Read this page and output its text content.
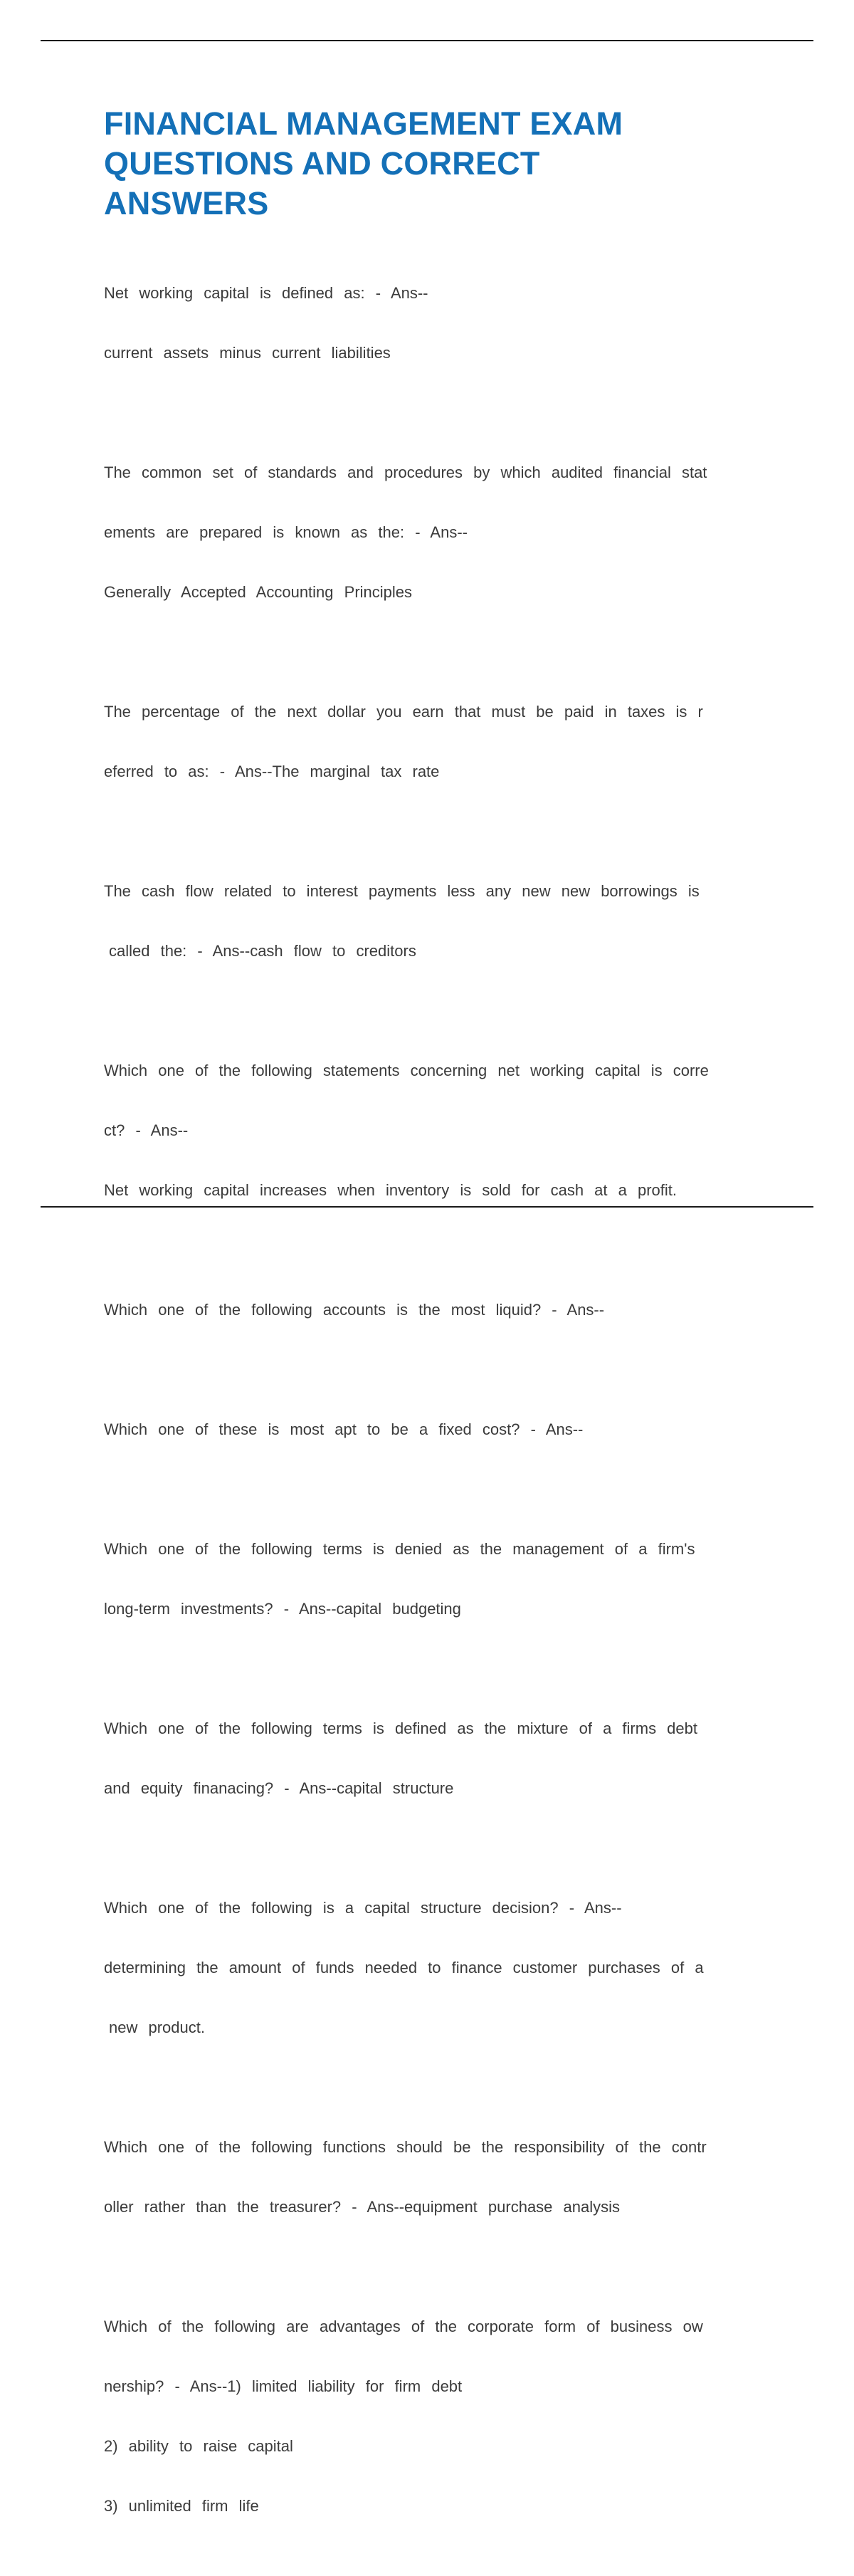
FINANCIAL MANAGEMENT EXAM
QUESTIONS AND CORRECT
ANSWERS

Net working capital is defined as: - Ans--

current assets minus current liabilities

The common set of standards and procedures by which audited financial stat

ements are prepared is known as the: - Ans--

Generally Accepted Accounting Principles

The percentage of the next dollar you earn that must be paid in taxes is r

eferred to as: - Ans--The marginal tax rate

The cash flow related to interest payments less any new new borrowings is

called the: - Ans--cash flow to creditors

Which one of the following statements concerning net working capital is corre

ct? - Ans--

Net working capital increases when inventory is sold for cash at a profit.

Which one of the following accounts is the most liquid? - Ans--

Which one of these is most apt to be a fixed cost? - Ans--

Which one of the following terms is denied as the management of a firm's

long-term investments? - Ans--capital budgeting

Which one of the following terms is defined as the mixture of a firms debt

and equity finanacing? - Ans--capital structure

Which one of the following is a capital structure decision? - Ans--

determining the amount of funds needed to finance customer purchases of a

new product.

Which one of the following functions should be the responsibility of the contr

oller rather than the treasurer? - Ans--equipment purchase analysis

Which of the following are advantages of the corporate form of business ow

nership? - Ans--1) limited liability for firm debt

2) ability to raise capital

3) unlimited firm life
